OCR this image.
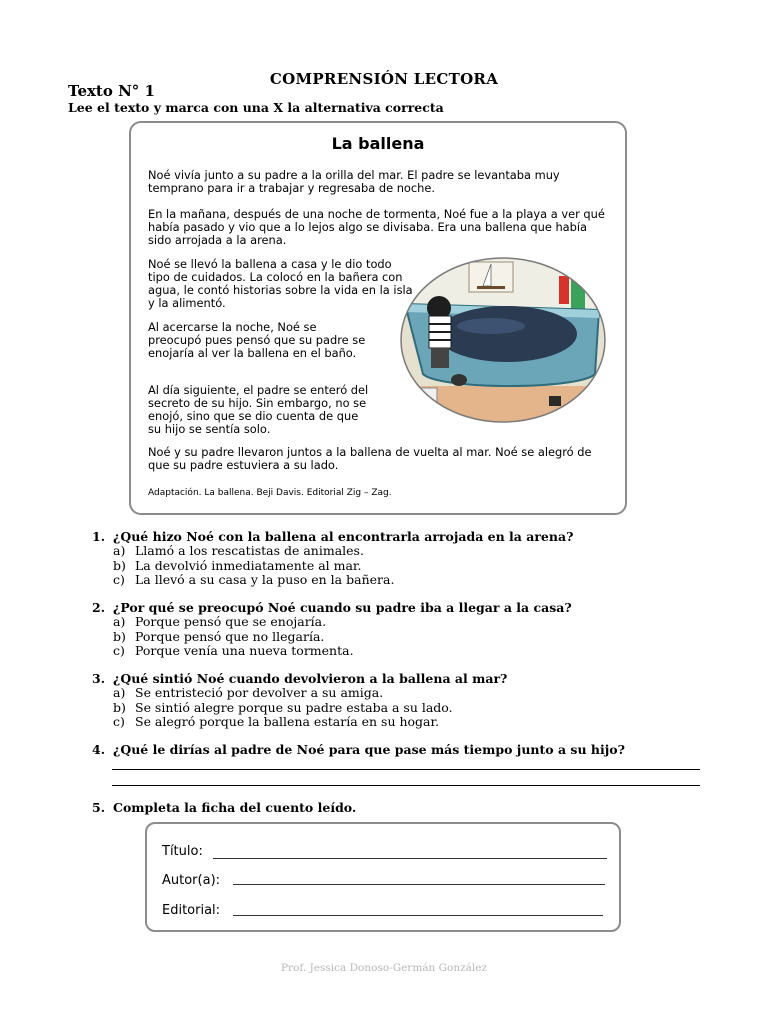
COMPRENSIÓN LECTORA
Texto N° 1
Lee el texto y marca con una X la alternativa correcta
La ballena

Noé vivía junto a su padre a la orilla del mar. El padre se levantaba muy temprano para ir a trabajar y regresaba de noche.

En la mañana, después de una noche de tormenta, Noé fue a la playa a ver qué había pasado y vio que a lo lejos algo se divisaba. Era una ballena que había sido arrojada a la arena.

Noé se llevó la ballena a casa y le dio todo tipo de cuidados. La colocó en la bañera con agua, le contó historias sobre la vida en la isla y la alimentó.

Al acercarse la noche, Noé se preocupó pues pensó que su padre se enojaría al ver la ballena en el baño.

Al día siguiente, el padre se enteró del secreto de su hijo. Sin embargo, no se enojó, sino que se dio cuenta de que su hijo se sentía solo.

Noé y su padre llevaron juntos a la ballena de vuelta al mar. Noé se alegró de que su padre estuviera a su lado.

Adaptación. La ballena. Beji Davis. Editorial Zig – Zag.
1. ¿Qué hizo Noé con la ballena al encontrarla arrojada en la arena?
a) Llamó a los rescatistas de animales.
b) La devolvió inmediatamente al mar.
c) La llevó a su casa y la puso en la bañera.
2. ¿Por qué se preocupó Noé cuando su padre iba a llegar a la casa?
a) Porque pensó que se enojaría.
b) Porque pensó que no llegaría.
c) Porque venía una nueva tormenta.
3. ¿Qué sintió Noé cuando devolvieron a la ballena al mar?
a) Se entristeció por devolver a su amiga.
b) Se sintió alegre porque su padre estaba a su lado.
c) Se alegró porque la ballena estaría en su hogar.
4. ¿Qué le dirías al padre de Noé para que pase más tiempo junto a su hijo?
5. Completa la ficha del cuento leído.
Título:
Autor(a):
Editorial:
Prof. Jessica Donoso-Germán González
